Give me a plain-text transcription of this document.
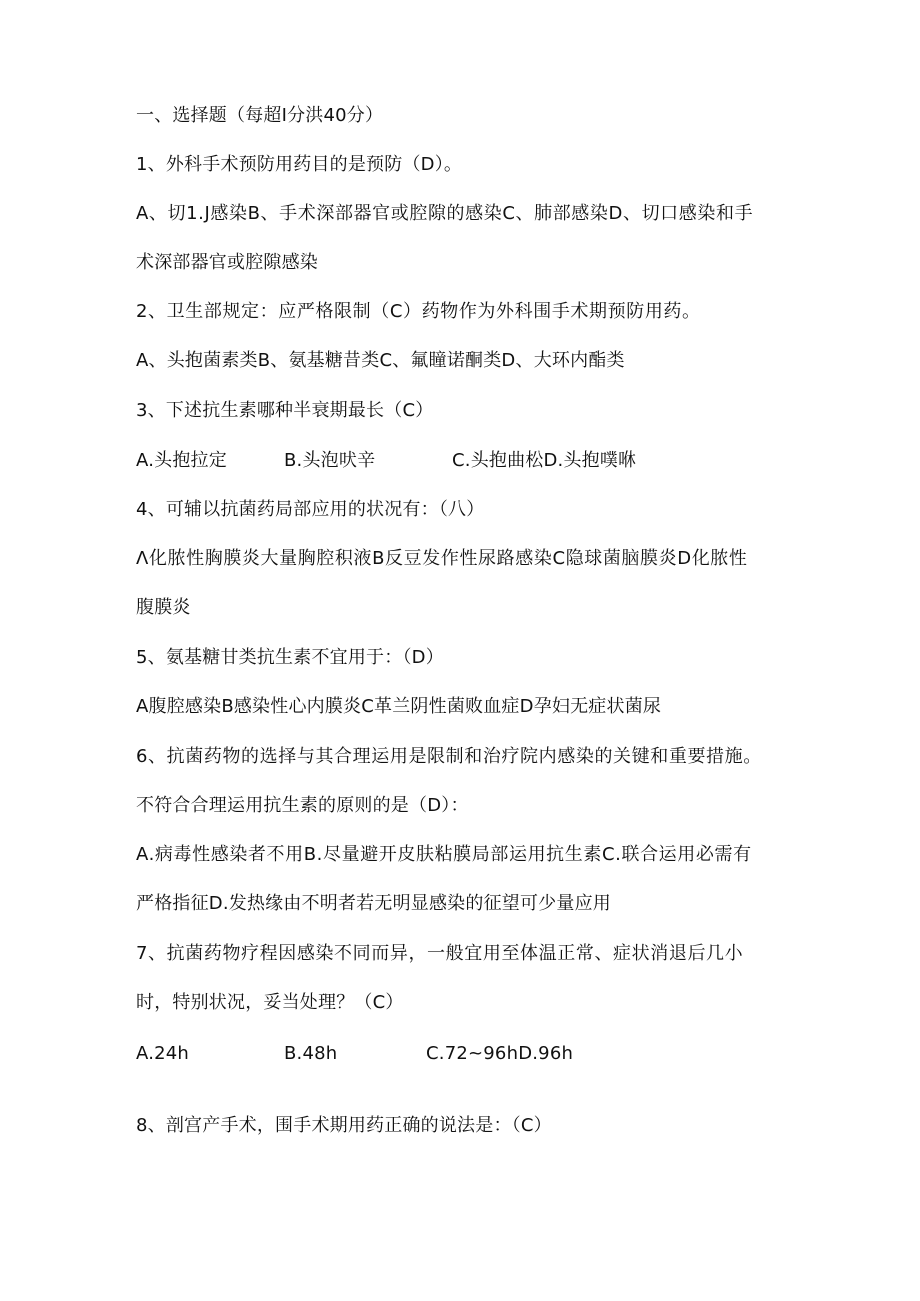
一、选择题（每超I分洪40分）
1、外科手术预防用药目的是预防（D）。
A、切1.J感染B、手术深部器官或腔隙的感染C、肺部感染D、切口感染和手
术深部器官或腔隙感染
2、卫生部规定：应严格限制（C）药物作为外科围手术期预防用药。
A、头抱菌素类B、氨基糖昔类C、氟瞳诺酮类D、大环内酯类
3、下述抗生素哪种半衰期最长（C）
A.头抱拉定	B.头泡吠辛	C.头抱曲松D.头抱噗咻
4、可辅以抗菌药局部应用的状况有：（八）
Λ化脓性胸膜炎大量胸腔积液B反豆发作性尿路感染C隐球菌脑膜炎D化脓性
腹膜炎
5、氨基糖甘类抗生素不宜用于：（D）
A腹腔感染B感染性心内膜炎C革兰阴性菌败血症D孕妇无症状菌尿
6、抗菌药物的选择与其合理运用是限制和治疗院内感染的关键和重要措施。
不符合合理运用抗生素的原则的是（D）：
A.病毒性感染者不用B.尽量避开皮肤粘膜局部运用抗生素C.联合运用必需有
严格指征D.发热缘由不明者若无明显感染的征望可少量应用
7、抗菌药物疗程因感染不同而异，一般宜用至体温正常、症状消退后几小
时，特别状况，妥当处理？（C）
A.24h	B.48h	C.72~96hD.96h
8、剖宫产手术，围手术期用药正确的说法是：（C）
